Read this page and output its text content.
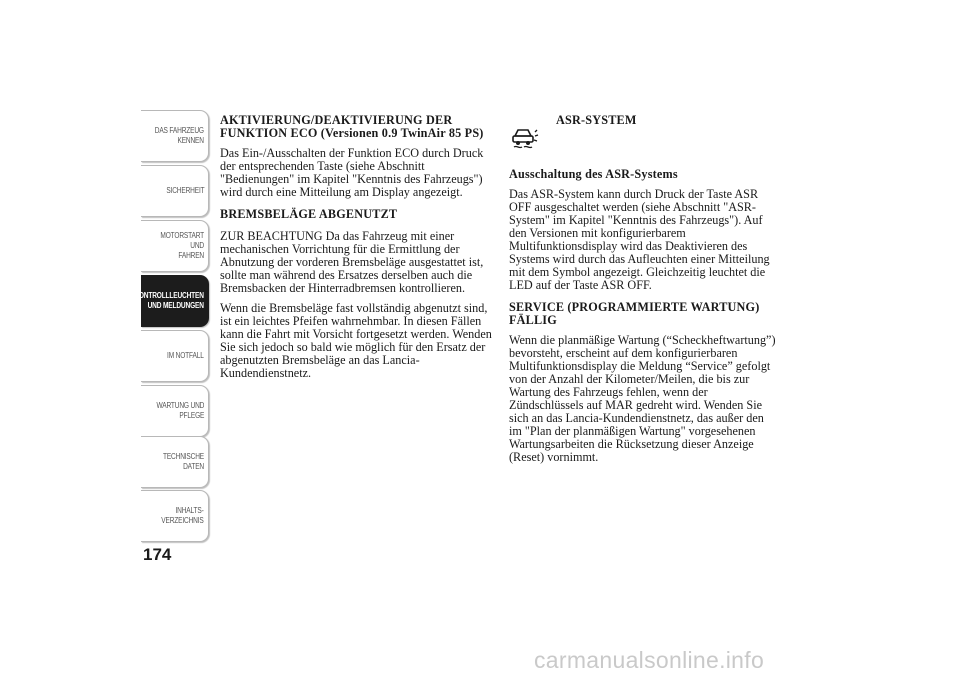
DAS FAHRZEUG
KENNEN
SICHERHEIT
MOTORSTART UND
FAHREN
KONTROLLLEUCHTEN
UND MELDUNGEN
IM NOTFALL
WARTUNG UND
PFLEGE
TECHNISCHE
DATEN
INHALTS-
VERZEICHNIS
174
AKTIVIERUNG/DEAKTIVIERUNG DER FUNKTION ECO (Versionen 0.9 TwinAir 85 PS)

Das Ein-/Ausschalten der Funktion ECO durch Druck der entsprechenden Taste (siehe Abschnitt "Bedienungen" im Kapitel "Kenntnis des Fahrzeugs") wird durch eine Mitteilung am Display angezeigt.

BREMSBELÄGE ABGENUTZT

ZUR BEACHTUNG Da das Fahrzeug mit einer mechanischen Vorrichtung für die Ermittlung der Abnutzung der vorderen Bremsbeläge ausgestattet ist, sollte man während des Ersatzes derselben auch die Bremsbacken der Hinterradbremsen kontrollieren.

Wenn die Bremsbeläge fast vollständig abgenutzt sind, ist ein leichtes Pfeifen wahrnehmbar. In diesen Fällen kann die Fahrt mit Vorsicht fortgesetzt werden. Wenden Sie sich jedoch so bald wie möglich für den Ersatz der abgenutzten Bremsbeläge an das Lancia-Kundendienstnetz.

ASR-SYSTEM
Ausschaltung des ASR-Systems

Das ASR-System kann durch Druck der Taste ASR OFF ausgeschaltet werden (siehe Abschnitt "ASR-System" im Kapitel "Kenntnis des Fahrzeugs"). Auf den Versionen mit konfigurierbarem Multifunktionsdisplay wird das Deaktivieren des Systems wird durch das Aufleuchten einer Mitteilung mit dem Symbol angezeigt. Gleichzeitig leuchtet die LED auf der Taste ASR OFF.

SERVICE (PROGRAMMIERTE WARTUNG) FÄLLIG

Wenn die planmäßige Wartung (“Scheckheftwartung”) bevorsteht, erscheint auf dem konfigurierbaren Multifunktionsdisplay die Meldung “Service” gefolgt von der Anzahl der Kilometer/Meilen, die bis zur Wartung des Fahrzeugs fehlen, wenn der Zündschlüssels auf MAR gedreht wird. Wenden Sie sich an das Lancia-Kundendienstnetz, das außer den im "Plan der planmäßigen Wartung" vorgesehenen Wartungsarbeiten die Rücksetzung dieser Anzeige (Reset) vornimmt.

carmanualsonline.info
